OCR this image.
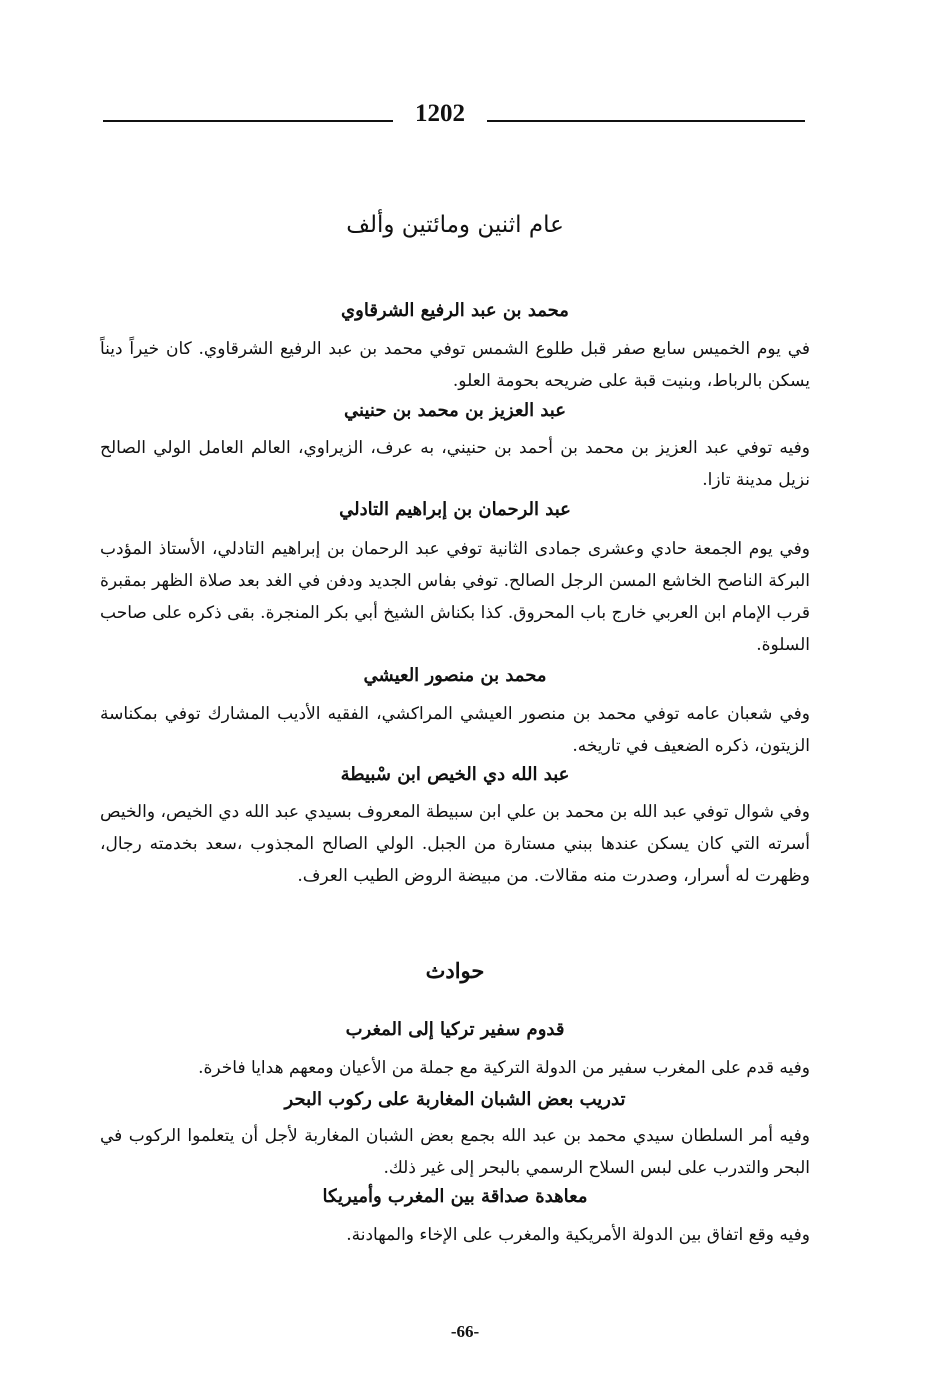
1202
عام اثنين ومائتين وألف
محمد بن عبد الرفيع الشرقاوي
في يوم الخميس سابع صفر قبل طلوع الشمس توفي محمد بن عبد الرفيع الشرقاوي. كان خيراً ديناً يسكن بالرباط، وبنيت قبة على ضريحه بحومة العلو.
عبد العزيز بن محمد بن حنيني
وفيه توفي عبد العزيز بن محمد بن أحمد بن حنيني، به عرف، الزيراوي، العالم العامل الولي الصالح نزيل مدينة تازا.
عبد الرحمان بن إبراهيم التادلي
وفي يوم الجمعة حادي وعشرى جمادى الثانية توفي عبد الرحمان بن إبراهيم التادلي، الأستاذ المؤدب البركة الناصح الخاشع المسن الرجل الصالح. توفي بفاس الجديد ودفن في الغد بعد صلاة الظهر بمقبرة قرب الإمام ابن العربي خارج باب المحروق. كذا بكناش الشيخ أبي بكر المنجرة. بقى ذكره على صاحب السلوة.
محمد بن منصور العيشي
وفي شعبان عامه توفي محمد بن منصور العيشي المراكشي، الفقيه الأديب المشارك توفي بمكناسة الزيتون، ذكره الضعيف في تاريخه.
عبد الله دي الخيص ابن سْبيطة
وفي شوال توفي عبد الله بن محمد بن علي ابن سبيطة المعروف بسيدي عبد الله دي الخيص، والخيص أسرته التي كان يسكن عندها ببني مستارة من الجبل. الولي الصالح المجذوب ،سعد بخدمته رجال، وظهرت له أسرار، وصدرت منه مقالات. من مبيضة الروض الطيب العرف.
حوادث
قدوم سفير تركيا إلى المغرب
وفيه قدم على المغرب سفير من الدولة التركية مع جملة من الأعيان ومعهم هدايا فاخرة.
تدريب بعض الشبان المغاربة على ركوب البحر
وفيه أمر السلطان سيدي محمد بن عبد الله بجمع بعض الشبان المغاربة لأجل أن يتعلموا الركوب في البحر والتدرب على لبس السلاح الرسمي بالبحر إلى غير ذلك.
معاهدة صداقة بين المغرب وأميريكا
وفيه وقع اتفاق بين الدولة الأمريكية والمغرب على الإخاء والمهادنة.
-66-
